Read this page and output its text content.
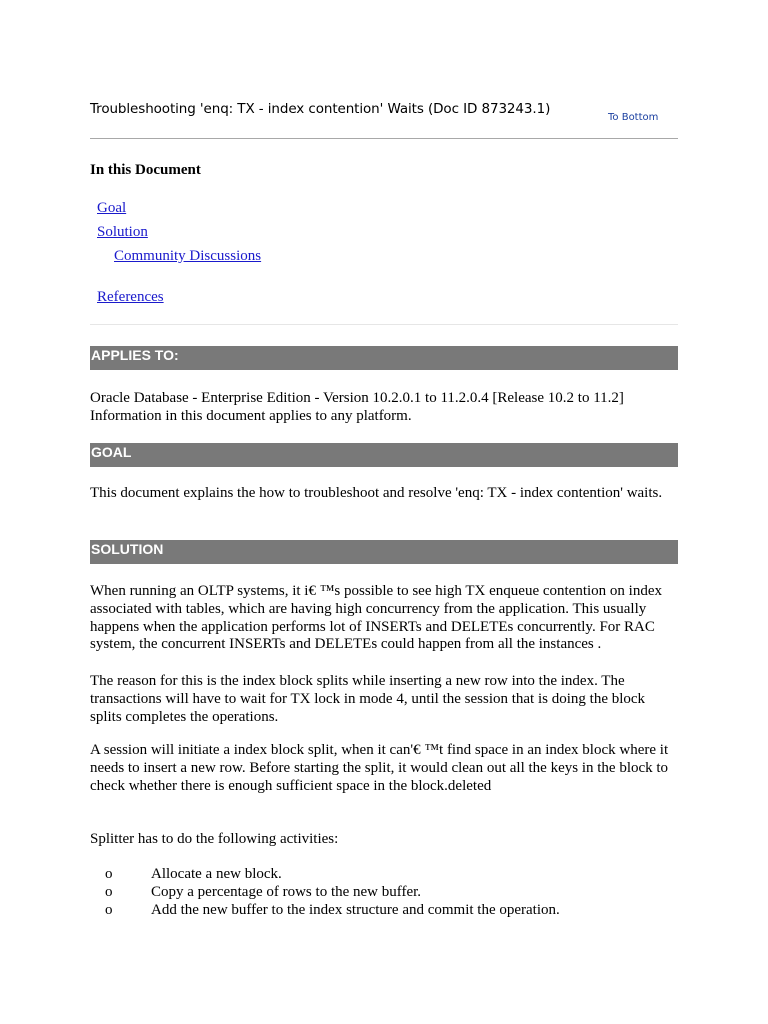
Troubleshooting 'enq: TX - index contention' Waits (Doc ID 873243.1)
To Bottom
In this Document
Goal
Solution
Community Discussions
References
APPLIES TO:
Oracle Database - Enterprise Edition - Version 10.2.0.1 to 11.2.0.4 [Release 10.2 to 11.2]
Information in this document applies to any platform.
GOAL
This document explains the how to troubleshoot and resolve 'enq: TX - index contention' waits.
SOLUTION
When running an OLTP systems, it i€ ™s possible to see high TX enqueue contention on index
associated with tables, which are having high concurrency from the application. This usually
happens when the application performs lot of INSERTs and DELETEs concurrently. For RAC
system, the concurrent INSERTs and DELETEs could happen from all the instances .
The reason for this is the index block splits while inserting a new row into the index. The
transactions will have to wait for TX lock in mode 4, until the session that is doing the block
splits completes the operations.
A session will initiate a index block split, when it can'€ ™t find space in an index block where it
needs to insert a new row. Before starting the split, it would clean out all the keys in the block to
check whether there is enough sufficient space in the block.deleted
Splitter has to do the following activities:
o	Allocate a new block.
o	Copy a percentage of rows to the new buffer.
o	Add the new buffer to the index structure and commit the operation.
